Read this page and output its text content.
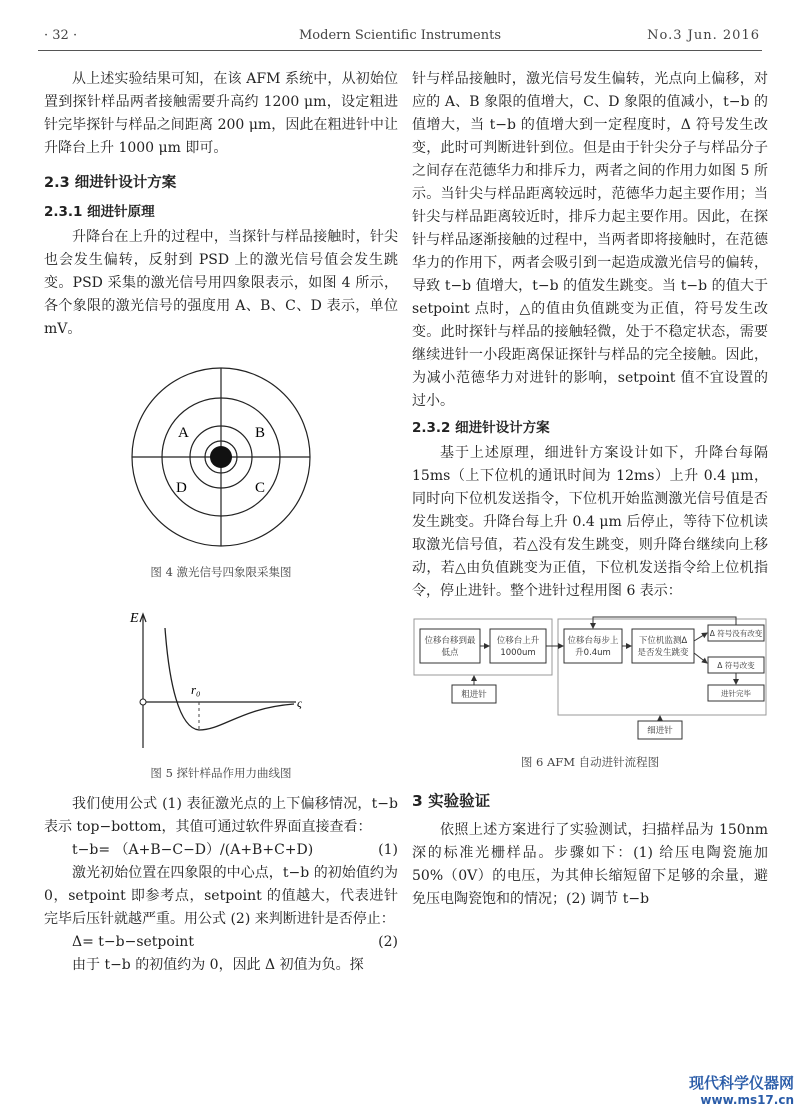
· 32 ·	Modern Scientific Instruments	No.3 Jun. 2016

从上述实验结果可知，在该 AFM 系统中，从初始位置到探针样品两者接触需要升高约 1200 μm，设定粗进针完毕探针与样品之间距离 200 μm，因此在粗进针中让升降台上升 1000 μm 即可。

2.3 细进针设计方案
2.3.1 细进针原理

升降台在上升的过程中，当探针与样品接触时，针尖也会发生偏转，反射到 PSD 上的激光信号值会发生跳变。PSD 采集的激光信号用四象限表示，如图 4 所示，各个象限的激光信号的强度用 A、B、C、D 表示，单位 mV。

A	B
C
D
图 4 激光信号四象限采集图
E
r₀
ς
图 5 探针样品作用力曲线图

我们使用公式 (1) 表征激光点的上下偏移情况，t−b 表示 top−bottom，其值可通过软件界面直接查看：

t−b= （A+B−C−D）/(A+B+C+D)	(1)

激光初始位置在四象限的中心点，t−b 的初始值约为 0，setpoint 即参考点，setpoint 的值越大，代表进针完毕后压针就越严重。用公式 (2) 来判断进针是否停止：

Δ= t−b−setpoint	(2)

由于 t−b 的初值约为 0，因此 Δ 初值为负。探

针与样品接触时，激光信号发生偏转，光点向上偏移，对应的 A、B 象限的值增大，C、D 象限的值减小，t−b 的值增大，当 t−b 的值增大到一定程度时，Δ 符号发生改变，此时可判断进针到位。但是由于针尖分子与样品分子之间存在范德华力和排斥力，两者之间的作用力如图 5 所示。当针尖与样品距离较远时，范德华力起主要作用；当针尖与样品距离较近时，排斥力起主要作用。因此，在探针与样品逐渐接触的过程中，当两者即将接触时，在范德华力的作用下，两者会吸引到一起造成激光信号的偏转，导致 t−b 值增大，t−b 的值发生跳变。当 t−b 的值大于 setpoint 点时，△的值由负值跳变为正值，符号发生改变。此时探针与样品的接触轻微，处于不稳定状态，需要继续进针一小段距离保证探针与样品的完全接触。因此，为减小范德华力对进针的影响，setpoint 值不宜设置的过小。

2.3.2 细进针设计方案

基于上述原理，细进针方案设计如下，升降台每隔 15ms（上下位机的通讯时间为 12ms）上升 0.4 μm，同时向下位机发送指令，下位机开始监测激光信号值是否发生跳变。升降台每上升 0.4 μm 后停止，等待下位机读取激光信号值，若△没有发生跳变，则升降台继续向上移动，若△由负值跳变为正值，下位机发送指令给上位机指令，停止进针。整个进针过程用图 6 表示：

位移台移到最
低点
位移台上升
1000um
位移台每步上
升0.4um
下位机监测Δ
是否发生跳变
Δ 符号没有改变
Δ 符号改变
进针完毕
粗进针
细进针
图 6 AFM 自动进针流程图
3 实验验证

依照上述方案进行了实验测试，扫描样品为 150nm 深的标准光栅样品。步骤如下：(1) 给压电陶瓷施加 50%（0V）的电压，为其伸长缩短留下足够的余量，避免压电陶瓷饱和的情况；(2) 调节 t−b

现代科学仪器网
www.ms17.cn
